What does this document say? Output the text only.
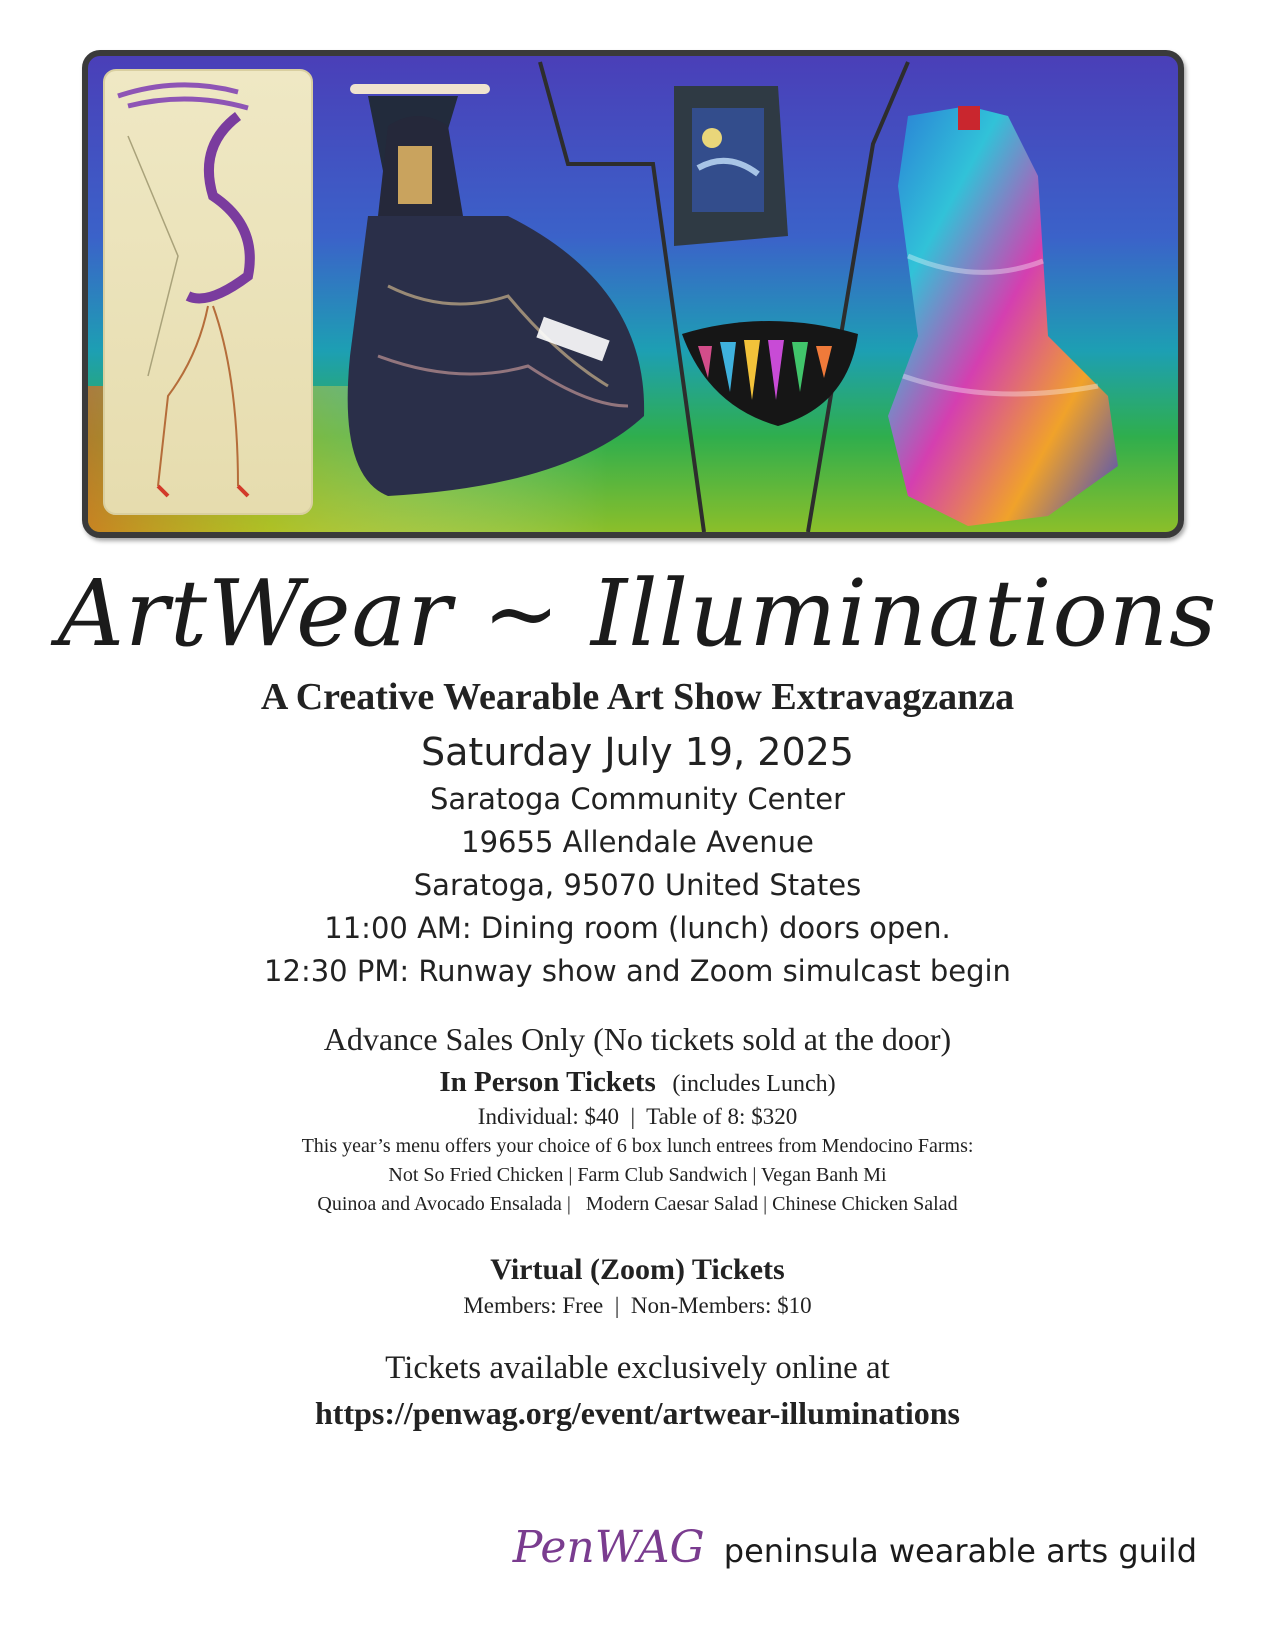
ArtWear ~ Illuminations
A Creative Wearable Art Show Extravagzanza
Saturday July 19, 2025
Saratoga Community Center
19655 Allendale Avenue
Saratoga, 95070 United States
11:00 AM: Dining room (lunch) doors open.
12:30 PM: Runway show and Zoom simulcast begin
Advance Sales Only (No tickets sold at the door)
In Person Tickets (includes Lunch)
Individual: $40  |  Table of 8: $320
This year’s menu offers your choice of 6 box lunch entrees from Mendocino Farms:
Not So Fried Chicken | Farm Club Sandwich | Vegan Banh Mi
Quinoa and Avocado Ensalada |   Modern Caesar Salad | Chinese Chicken Salad
Virtual (Zoom) Tickets
Members: Free  |  Non-Members: $10
Tickets available exclusively online at
https://penwag.org/event/artwear-illuminations
PenWAG peninsula wearable arts guild
